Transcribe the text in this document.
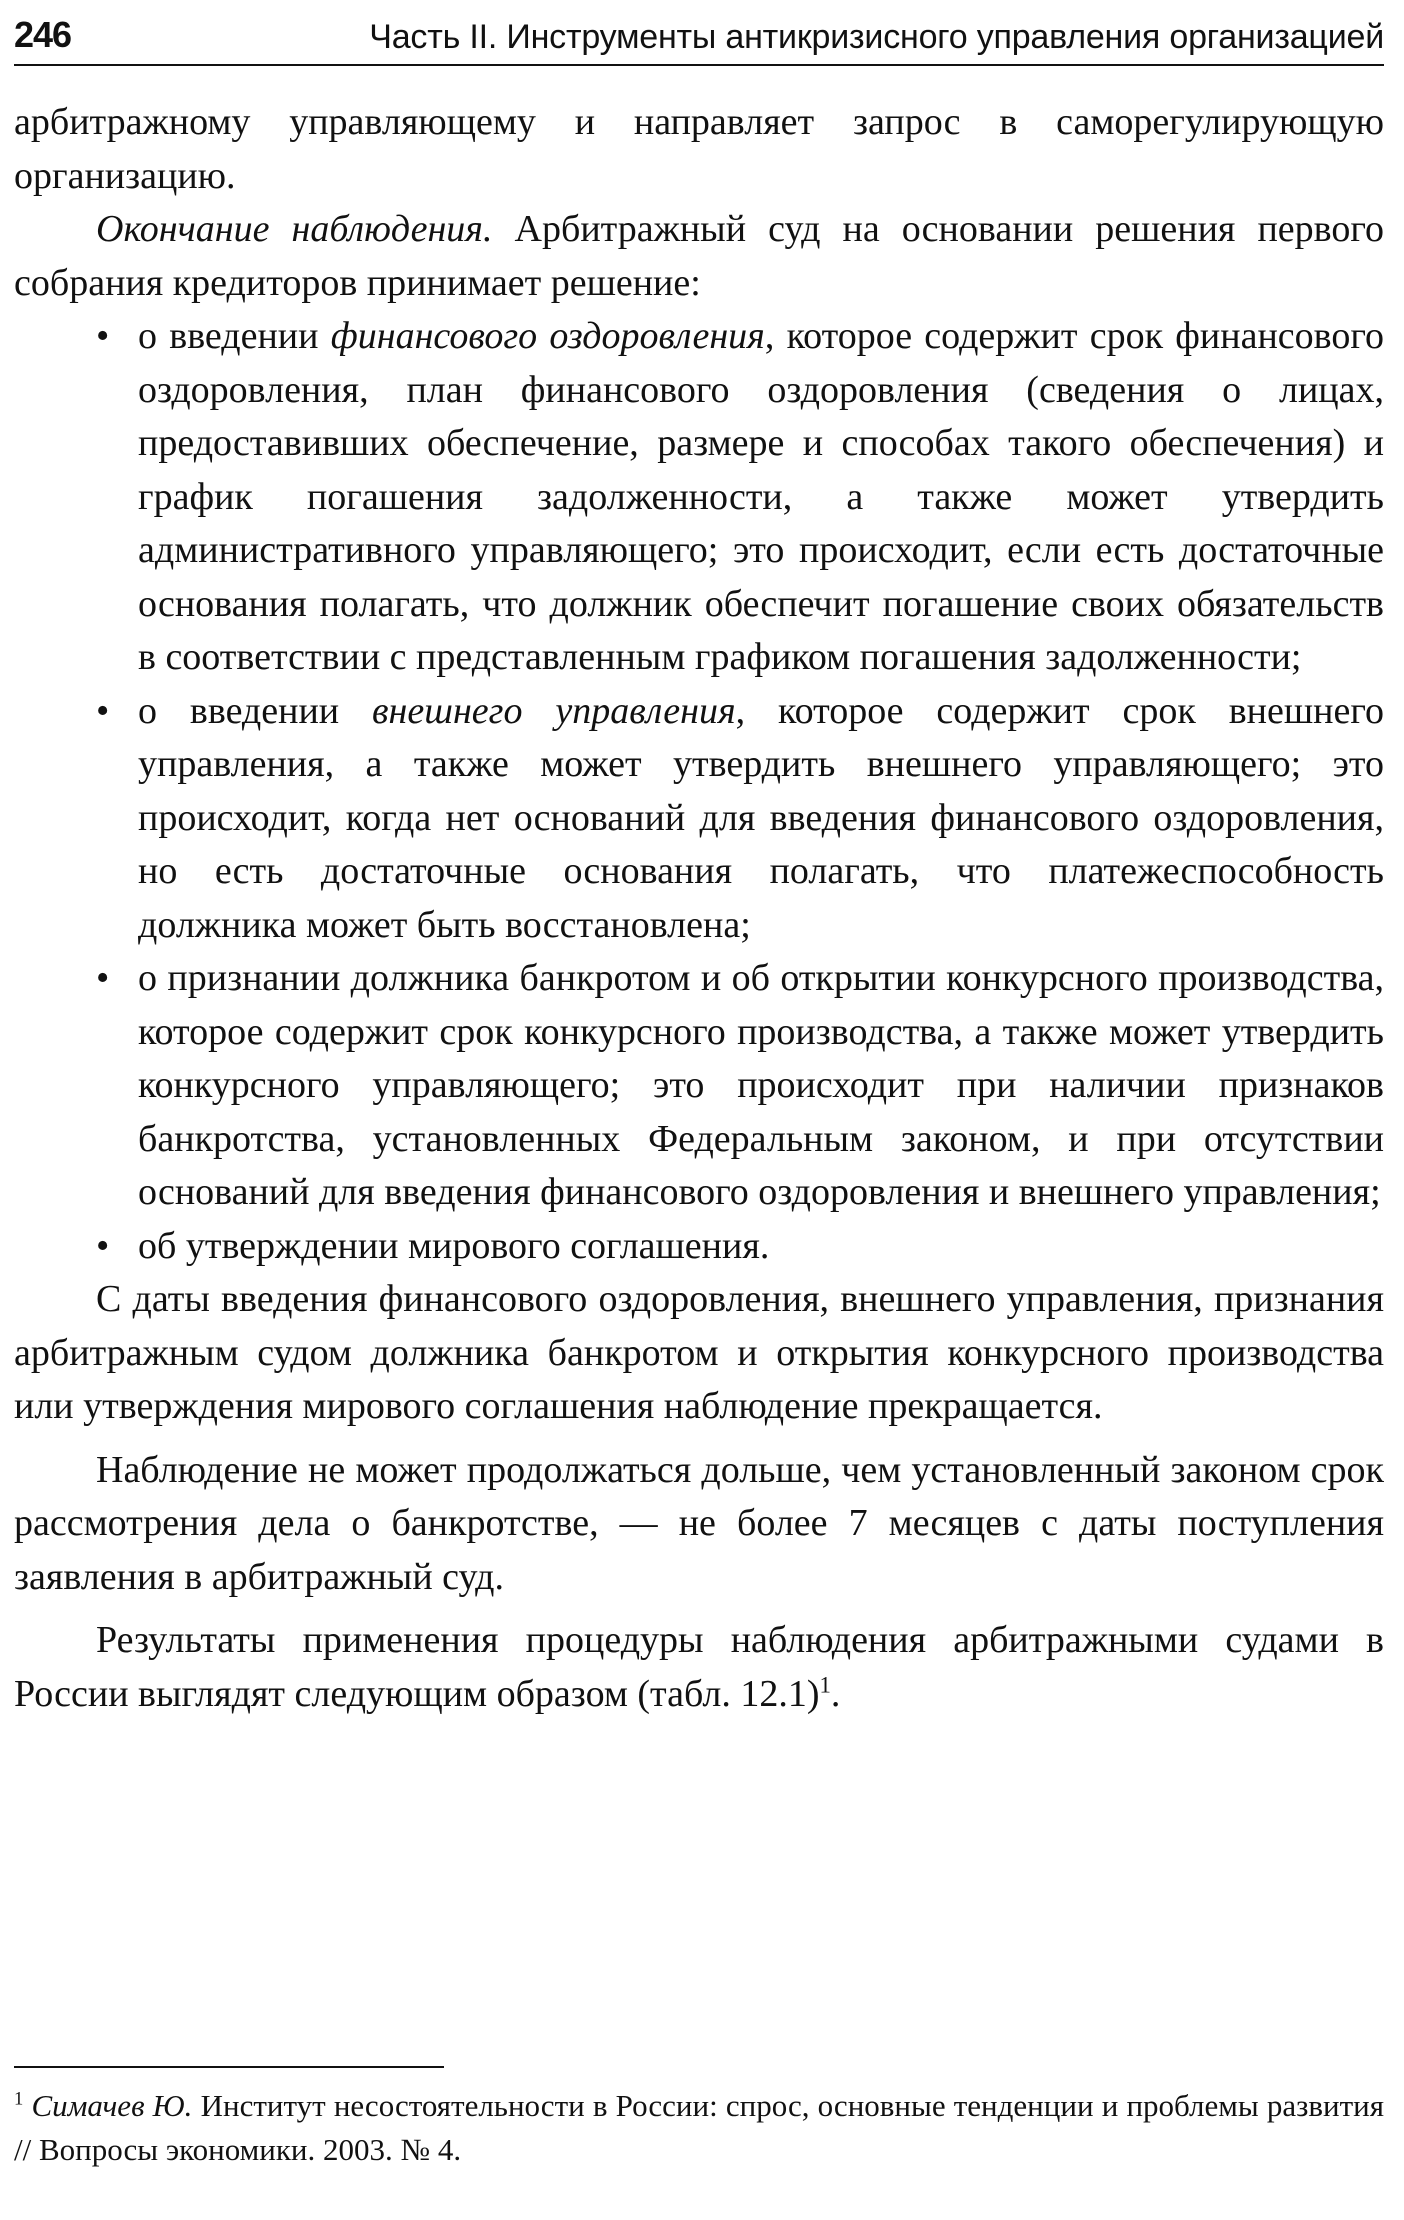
246	Часть II. Инструменты антикризисного управления организацией

арбитражному управляющему и направляет запрос в саморегулирующую организацию.

Окончание наблюдения. Арбитражный суд на основании решения первого собрания кредиторов принимает решение:

• о введении финансового оздоровления, которое содержит срок финансового оздоровления, план финансового оздоровления (сведения о лицах, предоставивших обеспечение, размере и способах такого обеспечения) и график погашения задолженности, а также может утвердить административного управляющего; это происходит, если есть достаточные основания полагать, что должник обеспечит погашение своих обязательств в соответствии с представленным графиком погашения задолженности;
• о введении внешнего управления, которое содержит срок внешнего управления, а также может утвердить внешнего управляющего; это происходит, когда нет оснований для введения финансового оздоровления, но есть достаточные основания полагать, что платежеспособность должника может быть восстановлена;
• о признании должника банкротом и об открытии конкурсного производства, которое содержит срок конкурсного производства, а также может утвердить конкурсного управляющего; это происходит при наличии признаков банкротства, установленных Федеральным законом, и при отсутствии оснований для введения финансового оздоровления и внешнего управления;
• об утверждении мирового соглашения.

С даты введения финансового оздоровления, внешнего управления, признания арбитражным судом должника банкротом и открытия конкурсного производства или утверждения мирового соглашения наблюдение прекращается.

Наблюдение не может продолжаться дольше, чем установленный законом срок рассмотрения дела о банкротстве, — не более 7 месяцев с даты поступления заявления в арбитражный суд.

Результаты применения процедуры наблюдения арбитражными судами в России выглядят следующим образом (табл. 12.1)$^1$.

$^1$ Симачев Ю. Институт несостоятельности в России: спрос, основные тенденции и проблемы развития // Вопросы экономики. 2003. № 4.
